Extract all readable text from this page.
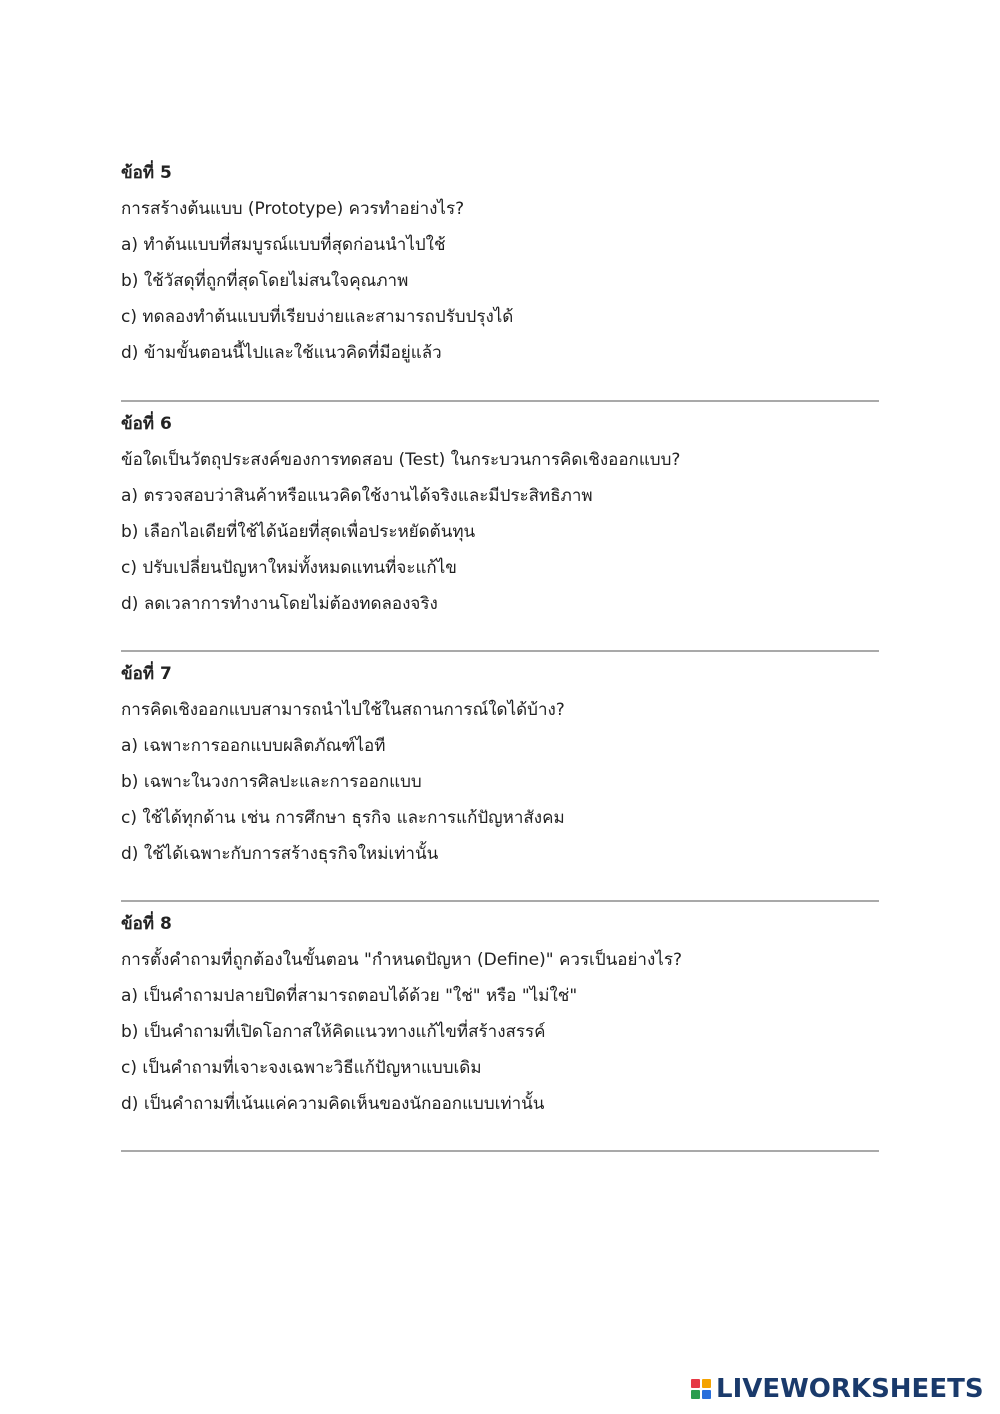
ข้อที่ 5

การสร้างต้นแบบ (Prototype) ควรทำอย่างไร?

a) ทำต้นแบบที่สมบูรณ์แบบที่สุดก่อนนำไปใช้

b) ใช้วัสดุที่ถูกที่สุดโดยไม่สนใจคุณภาพ

c) ทดลองทำต้นแบบที่เรียบง่ายและสามารถปรับปรุงได้

d) ข้ามขั้นตอนนี้ไปและใช้แนวคิดที่มีอยู่แล้ว

ข้อที่ 6

ข้อใดเป็นวัตถุประสงค์ของการทดสอบ (Test) ในกระบวนการคิดเชิงออกแบบ?

a) ตรวจสอบว่าสินค้าหรือแนวคิดใช้งานได้จริงและมีประสิทธิภาพ

b) เลือกไอเดียที่ใช้ได้น้อยที่สุดเพื่อประหยัดต้นทุน

c) ปรับเปลี่ยนปัญหาใหม่ทั้งหมดแทนที่จะแก้ไข

d) ลดเวลาการทำงานโดยไม่ต้องทดลองจริง

ข้อที่ 7

การคิดเชิงออกแบบสามารถนำไปใช้ในสถานการณ์ใดได้บ้าง?

a) เฉพาะการออกแบบผลิตภัณฑ์ไอที

b) เฉพาะในวงการศิลปะและการออกแบบ

c) ใช้ได้ทุกด้าน เช่น การศึกษา ธุรกิจ และการแก้ปัญหาสังคม

d) ใช้ได้เฉพาะกับการสร้างธุรกิจใหม่เท่านั้น

ข้อที่ 8

การตั้งคำถามที่ถูกต้องในขั้นตอน "กำหนดปัญหา (Define)" ควรเป็นอย่างไร?

a) เป็นคำถามปลายปิดที่สามารถตอบได้ด้วย "ใช่" หรือ "ไม่ใช่"

b) เป็นคำถามที่เปิดโอกาสให้คิดแนวทางแก้ไขที่สร้างสรรค์

c) เป็นคำถามที่เจาะจงเฉพาะวิธีแก้ปัญหาแบบเดิม

d) เป็นคำถามที่เน้นแค่ความคิดเห็นของนักออกแบบเท่านั้น

LIVEWORKSHEETS
